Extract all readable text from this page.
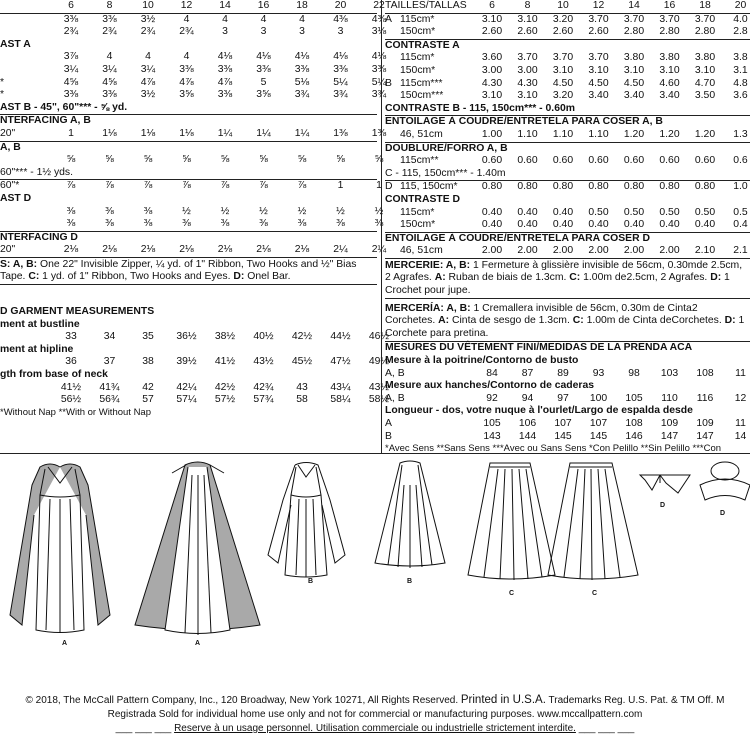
6	8	10	12	14	16	18	20	22
3⅜	3⅜	3½	4	4	4	4	4⅜	4⅜
2¾	2¾	2¾	2¾	3	3	3	3	3⅛
AST A
3⅞	4	4	4	4⅛	4⅛	4⅛	4⅛	4⅛
3¼	3¼	3¼	3⅜	3⅜	3⅜	3⅜	3⅜	3⅜
*	4⅝	4⅝	4⅞	4⅞	4⅞	5	5⅛	5¼	5¼
*	3⅜	3⅜	3½	3⅝	3⅜	3⅝	3¾	3¾	3¾
AST B - 45", 60"*** - ⅝ yd.
NTERFACING A, B
20"	1	1⅛	1⅛	1⅛	1¼	1¼	1¼	1⅜	1⅜
A, B
⅝	⅝	⅝	⅝	⅝	⅝	⅝	⅝	⅝
60"*** - 1½ yds.
60"*	⅞	⅞	⅞	⅞	⅞	⅞	⅞	1	1
AST D
⅜	⅜	⅜	½	½	½	½	½	½
⅜	⅜	⅜	⅜	⅜	⅜	⅜	⅜	⅜
NTERFACING D
20"	2⅛	2⅛	2⅛	2⅛	2⅛	2⅛	2⅛	2¼	2¼
S: A, B: One 22" Invisible Zipper, ¼ yd. of 1" Ribbon, Two Hooks and ½" Bias Tape. C: 1 yd. of 1" Ribbon, Two Hooks and Eyes. D: Onel Bar.
D GARMENT MEASUREMENTS
ment at bustline
33	34	35	36½	38½	40½	42½	44½	46½
ment at hipline
36	37	38	39½	41½	43½	45½	47½	49½
gth from base of neck
41½	41¾	42	42¼	42½	42¾	43	43¼	43½
56½	56¾	57	57¼	57½	57¾	58	58¼	58½
*Without Nap **With or Without Nap
TAILLES/TALLAS	6	8	10	12	14	16	18	20
A 115cm*	3.10	3.10	3.20	3.70	3.70	3.70	3.70	4.0
150cm*	2.60	2.60	2.60	2.60	2.80	2.80	2.80	2.8
CONTRASTE A
115cm*	3.60	3.70	3.70	3.70	3.80	3.80	3.80	3.8
150cm*	3.00	3.00	3.10	3.10	3.10	3.10	3.10	3.1
B 115cm***	4.30	4.30	4.50	4.50	4.50	4.60	4.70	4.8
150cm***	3.10	3.10	3.20	3.40	3.40	3.40	3.50	3.6
CONTRASTE B - 115, 150cm*** - 0.60m
ENTOILAGE À COUDRE/ENTRETELA PARA COSER A, B
46, 51cm	1.00	1.10	1.10	1.10	1.20	1.20	1.20	1.3
DOUBLURE/FORRO A, B
115cm**	0.60	0.60	0.60	0.60	0.60	0.60	0.60	0.6
C - 115, 150cm*** - 1.40m
D 115, 150cm*	0.80	0.80	0.80	0.80	0.80	0.80	0.80	1.0
CONTRASTE D
115cm*	0.40	0.40	0.40	0.50	0.50	0.50	0.50	0.5
150cm*	0.40	0.40	0.40	0.40	0.40	0.40	0.40	0.4
ENTOILAGE À COUDRE/ENTRETELA PARA COSER D
46, 51cm	2.00	2.00	2.00	2.00	2.00	2.00	2.10	2.1
MERCERIE: A, B: 1 Fermeture à glissière invisible de 56cm, 0.30mde 2.5cm, 2 Agrafes. A: Ruban de biais de 1.3cm. C: 1.00m de2.5cm, 2 Agrafes. D: 1 Crochet pour jupe.
MERCERÍA: A, B: 1 Cremallera invisible de 56cm, 0.30m de Cinta2 Corchetes. A: Cinta de sesgo de 1.3cm. C: 1.00m de Cinta deCorchetes. D: 1 Corchete para pretina.
MESURES DU VÊTEMENT FINI/MEDIDAS DE LA PRENDA ACA
Mesure à la poitrine/Contorno de busto
A, B	84	87	89	93	98	103	108	11
Mesure aux hanches/Contorno de caderas
A, B	92	94	97	100	105	110	116	12
Longueur - dos, votre nuque à l'ourlet/Largo de espalda desde
A	105	106	107	107	108	109	109	11
B	143	144	145	145	146	147	147	14
*Avec Sens **Sans Sens ***Avec ou Sans Sens *Con Pelillo **Sin Pelillo ***Con
A	A
B	B
C	C
D
D
© 2018, The McCall Pattern Company, Inc., 120 Broadway, New York 10271, All Rights Reserved. Printed in U.S.A. Trademarks Reg. U.S. Pat. & TM Off. M
Registrada Sold for individual home use only and not for commercial or manufacturing purposes. www.mccallpattern.com
___ ___ ___ Reserve à un usage personnel. Utilisation commerciale ou industrielle strictement interdite. ___ ___ ___
